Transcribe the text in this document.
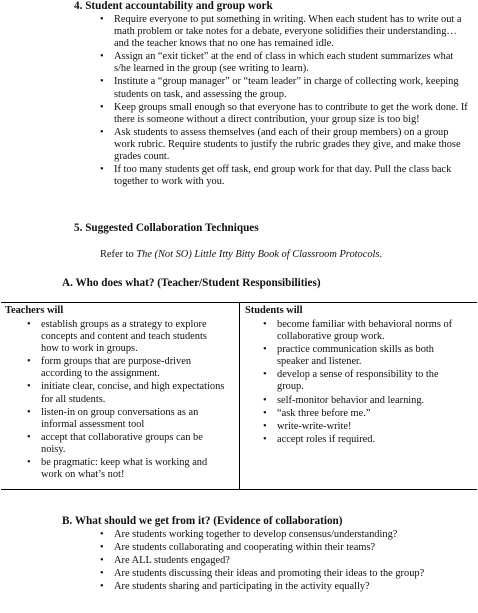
4. Student accountability and group work
• Require everyone to put something in writing. When each student has to write out a math problem or take notes for a debate, everyone solidifies their understanding… and the teacher knows that no one has remained idle.
• Assign an “exit ticket” at the end of class in which each student summarizes what s/he learned in the group (see writing to learn).
• Institute a “group manager” or “team leader” in charge of collecting work, keeping students on task, and assessing the group.
• Keep groups small enough so that everyone has to contribute to get the work done. If there is someone without a direct contribution, your group size is too big!
• Ask students to assess themselves (and each of their group members) on a group work rubric. Require students to justify the rubric grades they give, and make those grades count.
• If too many students get off task, end group work for that day. Pull the class back together to work with you.
5. Suggested Collaboration Techniques
Refer to The (Not SO) Little Itty Bitty Book of Classroom Protocols.
A. Who does what? (Teacher/Student Responsibilities)
Teachers will
• establish groups as a strategy to explore concepts and content and teach students how to work in groups.
• form groups that are purpose-driven according to the assignment.
• initiate clear, concise, and high expectations for all students.
• listen-in on group conversations as an informal assessment tool
• accept that collaborative groups can be noisy.
• be pragmatic: keep what is working and work on what’s not!
Students will
• become familiar with behavioral norms of collaborative group work.
• practice communication skills as both speaker and listener.
• develop a sense of responsibility to the group.
• self-monitor behavior and learning.
• “ask three before me.”
• write-write-write!
• accept roles if required.
B. What should we get from it? (Evidence of collaboration)
• Are students working together to develop consensus/understanding?
• Are students collaborating and cooperating within their teams?
• Are ALL students engaged?
• Are students discussing their ideas and promoting their ideas to the group?
• Are students sharing and participating in the activity equally?
